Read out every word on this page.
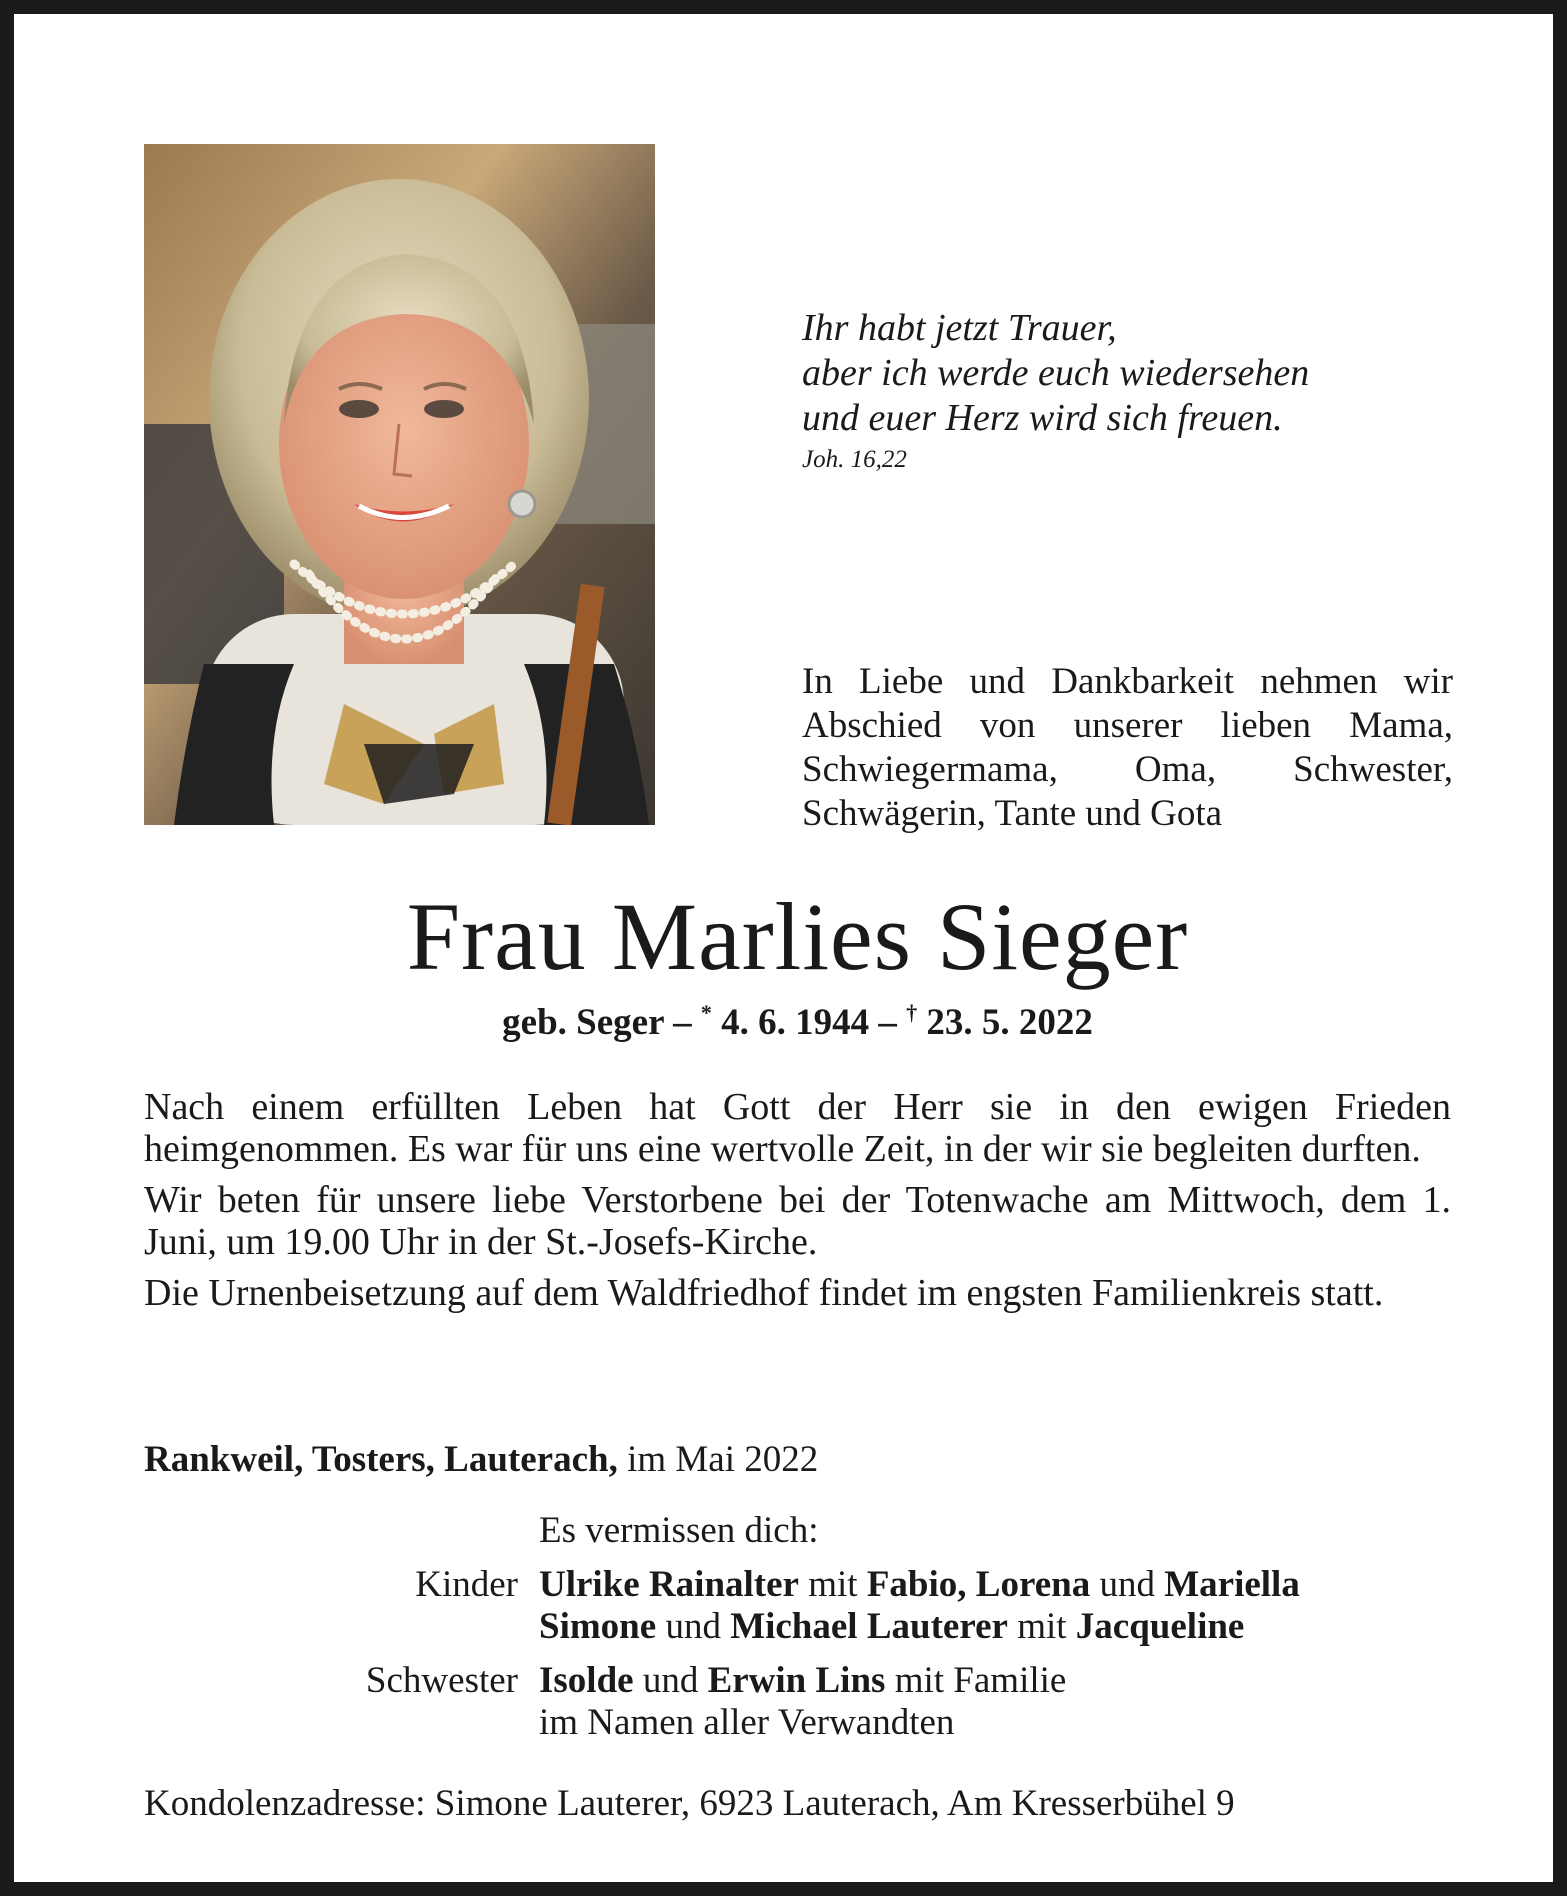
Ihr habt jetzt Trauer,
aber ich werde euch wiedersehen
und euer Herz wird sich freuen.
Joh. 16,22

In Liebe und Dankbarkeit nehmen wir Abschied von unserer lieben Mama, Schwiegermama, Oma, Schwester, Schwägerin, Tante und Gota

Frau Marlies Sieger
geb. Seger – * 4. 6. 1944 – † 23. 5. 2022

Nach einem erfüllten Leben hat Gott der Herr sie in den ewigen Frieden heimgenommen. Es war für uns eine wertvolle Zeit, in der wir sie begleiten durften.

Wir beten für unsere liebe Verstorbene bei der Totenwache am Mittwoch, dem 1. Juni, um 19.00 Uhr in der St.-Josefs-Kirche.

Die Urnenbeisetzung auf dem Waldfriedhof findet im engsten Familienkreis statt.

Rankweil, Tosters, Lauterach, im Mai 2022
Es vermissen dich:
Kinder Ulrike Rainalter mit Fabio, Lorena und Mariella
Simone und Michael Lauterer mit Jacqueline
Schwester Isolde und Erwin Lins mit Familie
im Namen aller Verwandten
Kondolenzadresse: Simone Lauterer, 6923 Lauterach, Am Kresserbühel 9
